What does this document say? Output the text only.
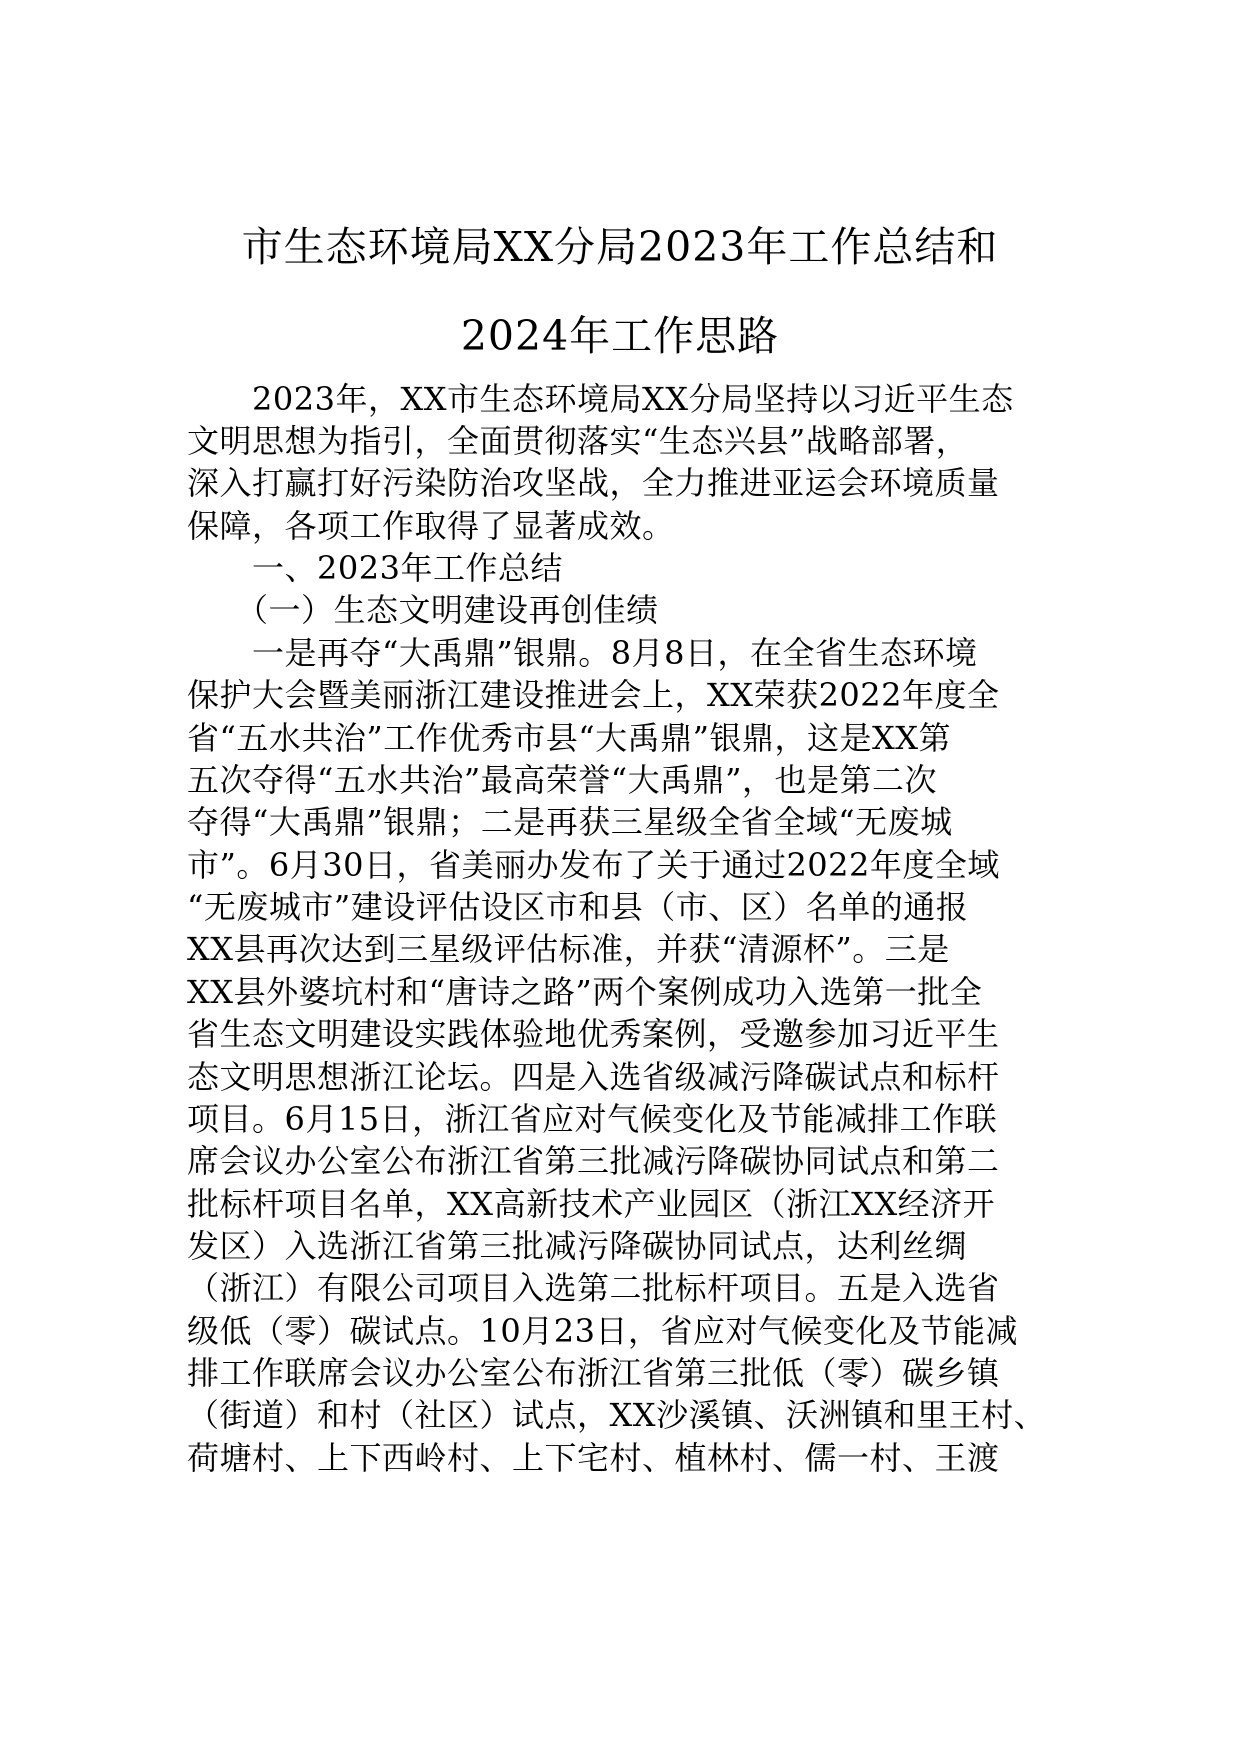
市生态环境局XX分局2023年工作总结和
2024年工作思路
　　2023年，XX市生态环境局XX分局坚持以习近平生态
文明思想为指引，全面贯彻落实“生态兴县”战略部署，
深入打赢打好污染防治攻坚战，全力推进亚运会环境质量
保障，各项工作取得了显著成效。
　　一、2023年工作总结
　　（一）生态文明建设再创佳绩
　　一是再夺“大禹鼎”银鼎。8月8日，在全省生态环境
保护大会暨美丽浙江建设推进会上，XX荣获2022年度全
省“五水共治”工作优秀市县“大禹鼎”银鼎，这是XX第
五次夺得“五水共治”最高荣誉“大禹鼎”，也是第二次
夺得“大禹鼎”银鼎；二是再获三星级全省全域“无废城
市”。6月30日，省美丽办发布了关于通过2022年度全域
“无废城市”建设评估设区市和县（市、区）名单的通报
XX县再次达到三星级评估标准，并获“清源杯”。三是
XX县外婆坑村和“唐诗之路”两个案例成功入选第一批全
省生态文明建设实践体验地优秀案例，受邀参加习近平生
态文明思想浙江论坛。四是入选省级减污降碳试点和标杆
项目。6月15日，浙江省应对气候变化及节能减排工作联
席会议办公室公布浙江省第三批减污降碳协同试点和第二
批标杆项目名单，XX高新技术产业园区（浙江XX经济开
发区）入选浙江省第三批减污降碳协同试点，达利丝绸
（浙江）有限公司项目入选第二批标杆项目。五是入选省
级低（零）碳试点。10月23日，省应对气候变化及节能减
排工作联席会议办公室公布浙江省第三批低（零）碳乡镇
（街道）和村（社区）试点，XX沙溪镇、沃洲镇和里王村、
荷塘村、上下西岭村、上下宅村、植林村、儒一村、王渡
